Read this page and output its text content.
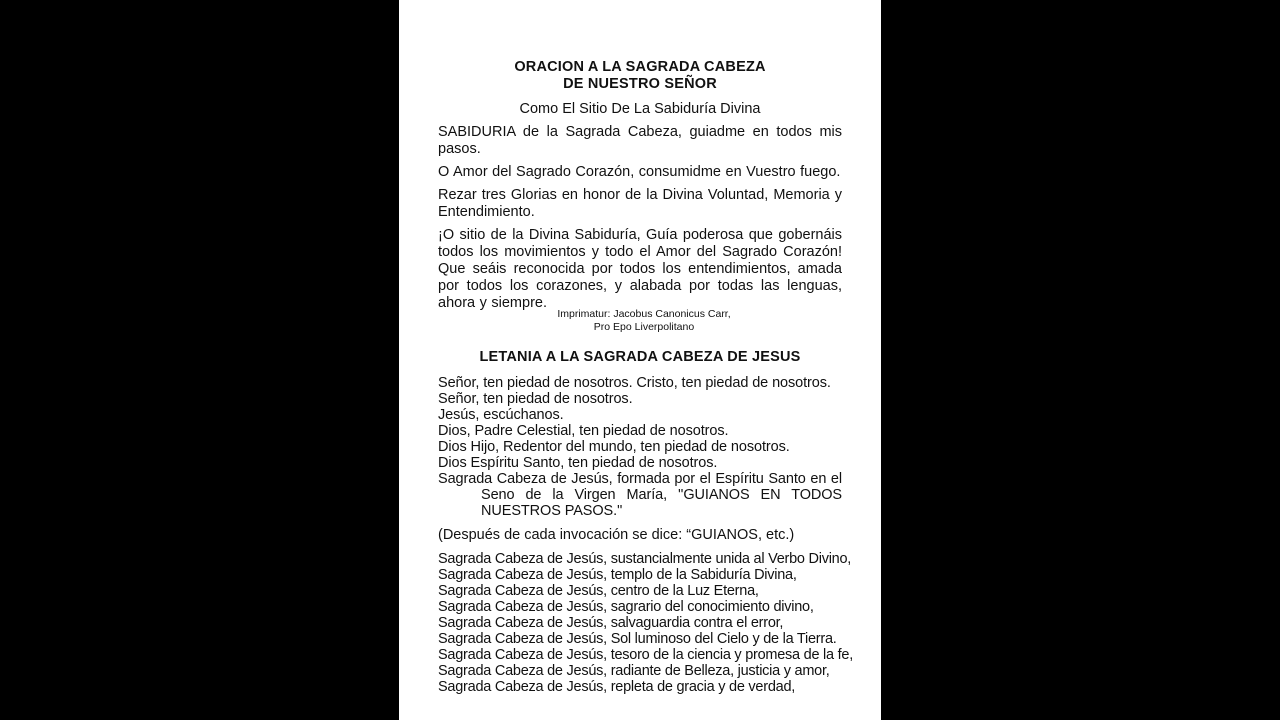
ORACION A LA SAGRADA CABEZA
DE NUESTRO SEÑOR
Como El Sitio De La Sabiduría Divina
SABIDURIA de la Sagrada Cabeza, guiadme en todos mis pasos.
O Amor del Sagrado Corazón, consumidme en Vuestro fuego.
Rezar tres Glorias en honor de la Divina Voluntad, Memoria y Entendimiento.
¡O sitio de la Divina Sabiduría, Guía poderosa que gobernáis todos los movimientos y todo el Amor del Sagrado Corazón! Que seáis reconocida por todos los entendimientos, amada por todos los corazones, y alabada por todas las lenguas, ahora y siempre.
Imprimatur: Jacobus Canonicus Carr,
Pro Epo Liverpolitano
LETANIA A LA SAGRADA CABEZA DE JESUS
Señor, ten piedad de nosotros. Cristo, ten piedad de nosotros.
Señor, ten piedad de nosotros.
Jesús, escúchanos.
Dios, Padre Celestial, ten piedad de nosotros.
Dios Hijo, Redentor del mundo, ten piedad de nosotros.
Dios Espíritu Santo, ten piedad de nosotros.
Sagrada Cabeza de Jesús, formada por el Espíritu Santo en el Seno de la Virgen María, ''GUIANOS EN TODOS NUESTROS PASOS.''
(Después de cada invocación se dice: “GUIANOS, etc.)
Sagrada Cabeza de Jesús, sustancialmente unida al Verbo Divino,
Sagrada Cabeza de Jesús, templo de la Sabiduría Divina,
Sagrada Cabeza de Jesús, centro de la Luz Eterna,
Sagrada Cabeza de Jesús, sagrario del conocimiento divino,
Sagrada Cabeza de Jesús, salvaguardia contra el error,
Sagrada Cabeza de Jesús, Sol luminoso del Cielo y de la Tierra.
Sagrada Cabeza de Jesús, tesoro de la ciencia y promesa de la fe,
Sagrada Cabeza de Jesús, radiante de Belleza, justicia y amor,
Sagrada Cabeza de Jesús, repleta de gracia y de verdad,
